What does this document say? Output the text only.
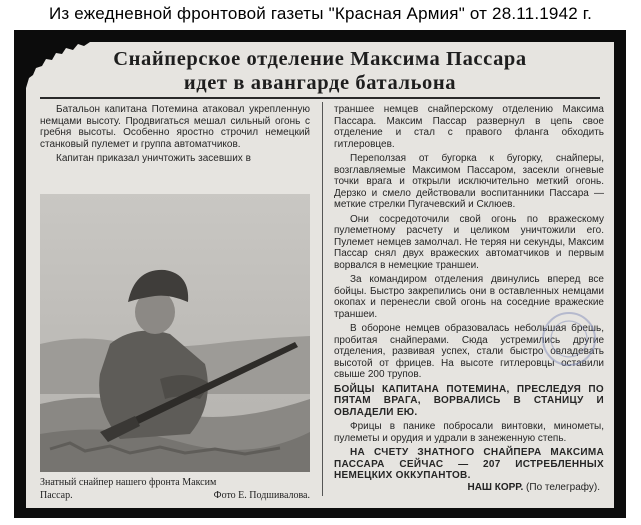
Из ежедневной фронтовой газеты "Красная Армия" от 28.11.1942 г.
Снайперское отделение Максима Пассара
идет в авангарде батальона

Батальон капитана Потемина атаковал укрепленную немцами высоту. Продвигаться мешал сильный огонь с гребня высоты. Особенно яростно строчил немецкий станковый пулемет и группа автоматчиков.

Капитан приказал уничтожить засевших в

Знатный снайпер нашего фронта Максим
Пассар.	Фото Е. Подшивалова.

траншее немцев снайперскому отделению Максима Пассара. Максим Пассар развернул в цепь свое отделение и стал с правого фланга обходить гитлеровцев.

Переползая от бугорка к бугорку, снайперы, возглавляемые Максимом Пассаром, засекли огневые точки врага и открыли исключительно меткий огонь. Дерзко и смело действовали воспитанники Пассара — меткие стрелки Пугачевский и Склюев.

Они сосредоточили свой огонь по вражескому пулеметному расчету и целиком уничтожили его. Пулемет немцев замолчал. Не теряя ни секунды, Максим Пассар снял двух вражеских автоматчиков и первым ворвался в немецкие траншеи.

За командиром отделения двинулись вперед все бойцы. Быстро закрепились они в оставленных немцами окопах и перенесли свой огонь на соседние вражеские траншеи.

В обороне немцев образовалась небольшая брешь, пробитая снайперами. Сюда устремились другие отделения, развивая успех, стали быстро овладевать высотой от фрицев. На высоте гитлеровцы оставили свыше 200 трупов.

БОЙЦЫ КАПИТАНА ПОТЕМИНА, ПРЕСЛЕДУЯ ПО ПЯТАМ ВРАГА, ВОРВАЛИСЬ В СТАНИЦУ И ОВЛАДЕЛИ ЕЮ.

Фрицы в панике побросали винтовки, минометы, пулеметы и орудия и удрали в занеженную степь.

НА СЧЕТУ ЗНАТНОГО СНАЙПЕРА МАКСИМА ПАССАРА СЕЙЧАС — 207 ИСТРЕБЛЕННЫХ НЕМЕЦКИХ ОККУПАНТОВ.

НАШ КОРР. (По телеграфу).
